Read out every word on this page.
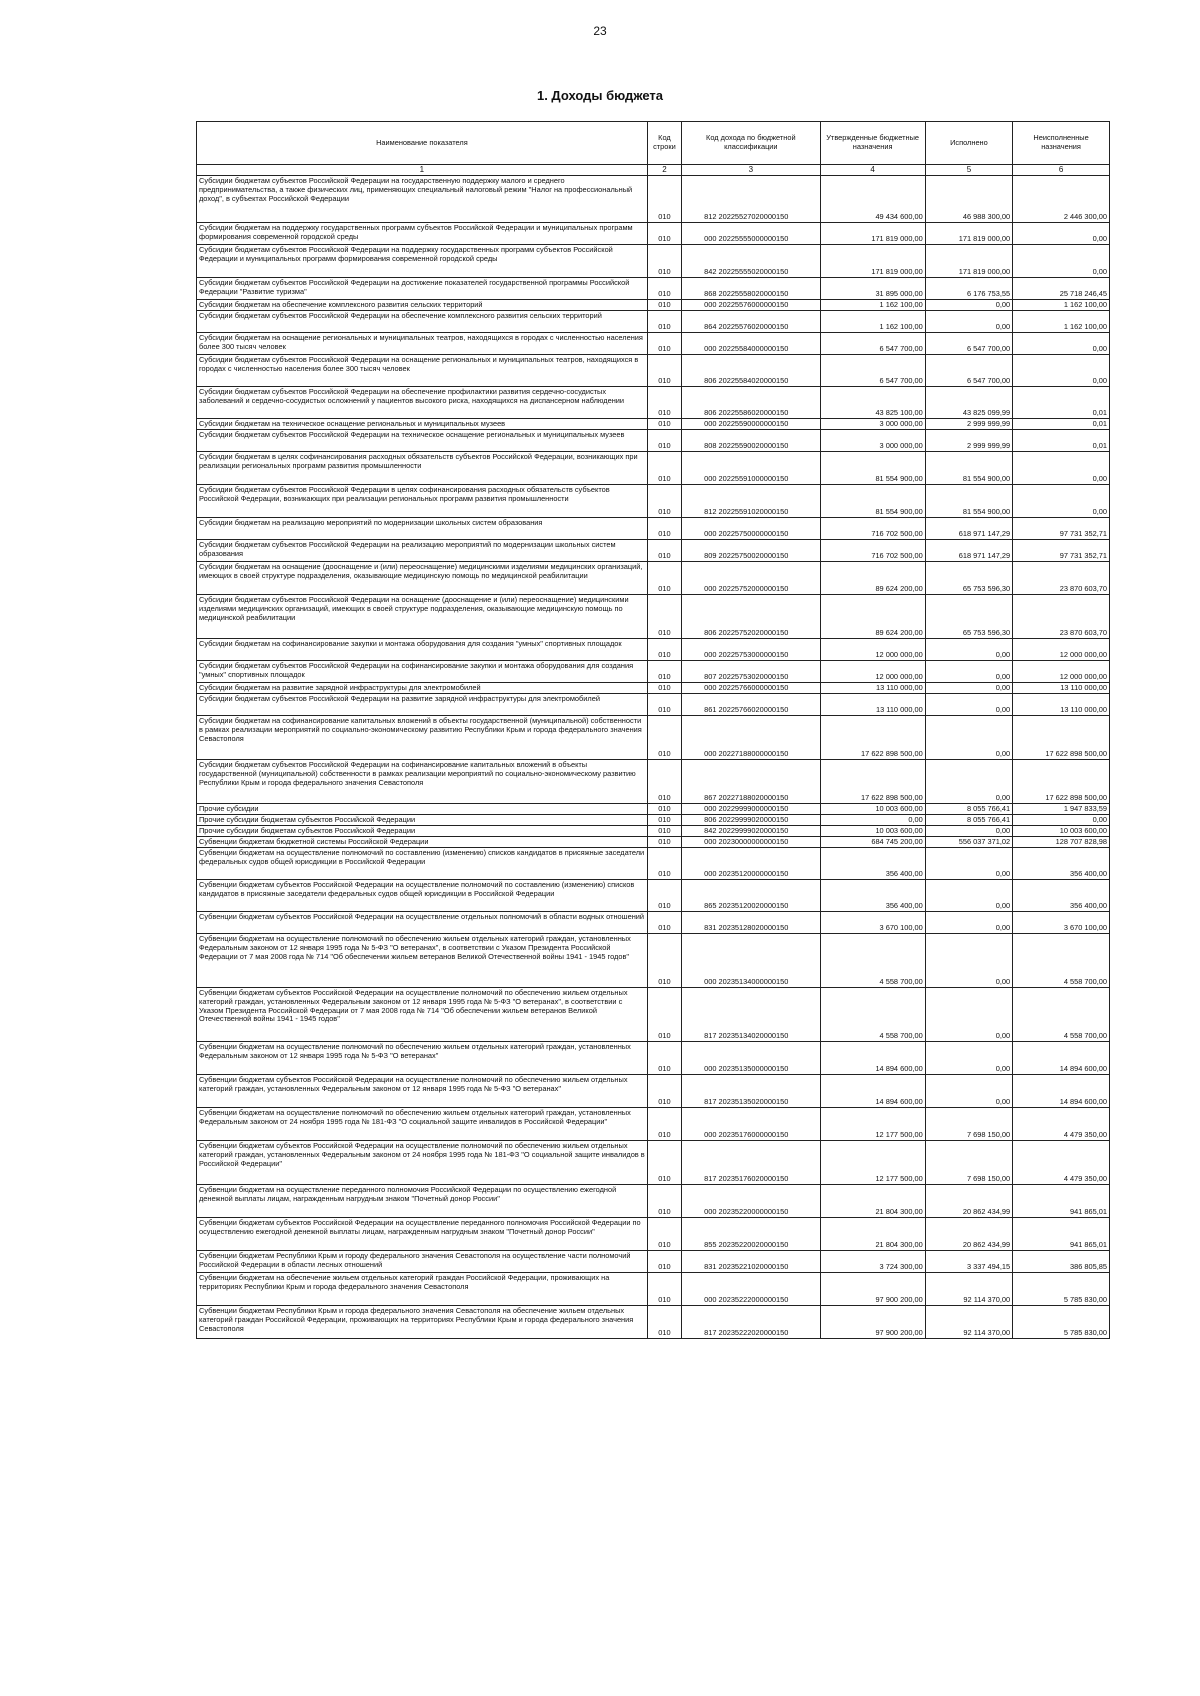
23
1. Доходы бюджета
Наименование показателя	Код строки	Код дохода по бюджетной классификации	Утвержденные бюджетные назначения	Исполнено	Неисполненные назначения
1	2	3	4	5	6
Субсидии бюджетам субъектов Российской Федерации на государственную поддержку малого и среднего предпринимательства, а также физических лиц, применяющих специальный налоговый режим "Налог на профессиональный доход", в субъектах Российской Федерации	010	812 20225527020000150	49 434 600,00	46 988 300,00	2 446 300,00
Субсидии бюджетам на поддержку государственных программ субъектов Российской Федерации и муниципальных программ формирования современной городской среды	010	000 20225555000000150	171 819 000,00	171 819 000,00	0,00
Субсидии бюджетам субъектов Российской Федерации на поддержку государственных программ субъектов Российской Федерации и муниципальных программ формирования современной городской среды	010	842 20225555020000150	171 819 000,00	171 819 000,00	0,00
Субсидии бюджетам субъектов Российской Федерации на достижение показателей государственной программы Российской Федерации "Развитие туризма"	010	868 20225558020000150	31 895 000,00	6 176 753,55	25 718 246,45
Субсидии бюджетам на обеспечение комплексного развития сельских территорий	010	000 20225576000000150	1 162 100,00	0,00	1 162 100,00
Субсидии бюджетам субъектов Российской Федерации на обеспечение комплексного развития сельских территорий	010	864 20225576020000150	1 162 100,00	0,00	1 162 100,00
Субсидии бюджетам на оснащение региональных и муниципальных театров, находящихся в городах с численностью населения более 300 тысяч человек	010	000 20225584000000150	6 547 700,00	6 547 700,00	0,00
Субсидии бюджетам субъектов Российской Федерации на оснащение региональных и муниципальных театров, находящихся в городах с численностью населения более 300 тысяч человек	010	806 20225584020000150	6 547 700,00	6 547 700,00	0,00
Субсидии бюджетам субъектов Российской Федерации на обеспечение профилактики развития сердечно-сосудистых заболеваний и сердечно-сосудистых осложнений у пациентов высокого риска, находящихся на диспансерном наблюдении	010	806 20225586020000150	43 825 100,00	43 825 099,99	0,01
Субсидии бюджетам на техническое оснащение региональных и муниципальных музеев	010	000 20225590000000150	3 000 000,00	2 999 999,99	0,01
Субсидии бюджетам субъектов Российской Федерации на техническое оснащение региональных и муниципальных музеев	010	808 20225590020000150	3 000 000,00	2 999 999,99	0,01
Субсидии бюджетам в целях софинансирования расходных обязательств субъектов Российской Федерации, возникающих при реализации региональных программ развития промышленности	010	000 20225591000000150	81 554 900,00	81 554 900,00	0,00
Субсидии бюджетам субъектов Российской Федерации в целях софинансирования расходных обязательств субъектов Российской Федерации, возникающих при реализации региональных программ развития промышленности	010	812 20225591020000150	81 554 900,00	81 554 900,00	0,00
Субсидии бюджетам на реализацию мероприятий по модернизации школьных систем образования	010	000 20225750000000150	716 702 500,00	618 971 147,29	97 731 352,71
Субсидии бюджетам субъектов Российской Федерации на реализацию мероприятий по модернизации школьных систем образования	010	809 20225750020000150	716 702 500,00	618 971 147,29	97 731 352,71
Субсидии бюджетам на оснащение (дооснащение и (или) переоснащение) медицинскими изделиями медицинских организаций, имеющих в своей структуре подразделения, оказывающие медицинскую помощь по медицинской реабилитации	010	000 20225752000000150	89 624 200,00	65 753 596,30	23 870 603,70
Субсидии бюджетам субъектов Российской Федерации на оснащение (дооснащение и (или) переоснащение) медицинскими изделиями медицинских организаций, имеющих в своей структуре подразделения, оказывающие медицинскую помощь по медицинской реабилитации	010	806 20225752020000150	89 624 200,00	65 753 596,30	23 870 603,70
Субсидии бюджетам на софинансирование закупки и монтажа оборудования для создания "умных" спортивных площадок	010	000 20225753000000150	12 000 000,00	0,00	12 000 000,00
Субсидии бюджетам субъектов Российской Федерации на софинансирование закупки и монтажа оборудования для создания "умных" спортивных площадок	010	807 20225753020000150	12 000 000,00	0,00	12 000 000,00
Субсидии бюджетам на развитие зарядной инфраструктуры для электромобилей	010	000 20225766000000150	13 110 000,00	0,00	13 110 000,00
Субсидии бюджетам субъектов Российской Федерации на развитие зарядной инфраструктуры для электромобилей	010	861 20225766020000150	13 110 000,00	0,00	13 110 000,00
Субсидии бюджетам на софинансирование капитальных вложений в объекты государственной (муниципальной) собственности в рамках реализации мероприятий по социально-экономическому развитию Республики Крым и города федерального значения Севастополя	010	000 20227188000000150	17 622 898 500,00	0,00	17 622 898 500,00
Субсидии бюджетам субъектов Российской Федерации на софинансирование капитальных вложений в объекты государственной (муниципальной) собственности в рамках реализации мероприятий по социально-экономическому развитию Республики Крым и города федерального значения Севастополя	010	867 20227188020000150	17 622 898 500,00	0,00	17 622 898 500,00
Прочие субсидии	010	000 20229999000000150	10 003 600,00	8 055 766,41	1 947 833,59
Прочие субсидии бюджетам субъектов Российской Федерации	010	806 20229999020000150	0,00	8 055 766,41	0,00
Прочие субсидии бюджетам субъектов Российской Федерации	010	842 20229999020000150	10 003 600,00	0,00	10 003 600,00
Субвенции бюджетам бюджетной системы Российской Федерации	010	000 20230000000000150	684 745 200,00	556 037 371,02	128 707 828,98
Субвенции бюджетам на осуществление полномочий по составлению (изменению) списков кандидатов в присяжные заседатели федеральных судов общей юрисдикции в Российской Федерации	010	000 20235120000000150	356 400,00	0,00	356 400,00
Субвенции бюджетам субъектов Российской Федерации на осуществление полномочий по составлению (изменению) списков кандидатов в присяжные заседатели федеральных судов общей юрисдикции в Российской Федерации	010	865 20235120020000150	356 400,00	0,00	356 400,00
Субвенции бюджетам субъектов Российской Федерации на осуществление отдельных полномочий в области водных отношений	010	831 20235128020000150	3 670 100,00	0,00	3 670 100,00
Субвенции бюджетам на осуществление полномочий по обеспечению жильем отдельных категорий граждан, установленных Федеральным законом от 12 января 1995 года № 5-ФЗ "О ветеранах", в соответствии с Указом Президента Российской Федерации от 7 мая 2008 года № 714 "Об обеспечении жильем ветеранов Великой Отечественной войны 1941 - 1945 годов"	010	000 20235134000000150	4 558 700,00	0,00	4 558 700,00
Субвенции бюджетам субъектов Российской Федерации на осуществление полномочий по обеспечению жильем отдельных категорий граждан, установленных Федеральным законом от 12 января 1995 года № 5-ФЗ "О ветеранах", в соответствии с Указом Президента Российской Федерации от 7 мая 2008 года № 714 "Об обеспечении жильем ветеранов Великой Отечественной войны 1941 - 1945 годов"	010	817 20235134020000150	4 558 700,00	0,00	4 558 700,00
Субвенции бюджетам на осуществление полномочий по обеспечению жильем отдельных категорий граждан, установленных Федеральным законом от 12 января 1995 года № 5-ФЗ "О ветеранах"	010	000 20235135000000150	14 894 600,00	0,00	14 894 600,00
Субвенции бюджетам субъектов Российской Федерации на осуществление полномочий по обеспечению жильем отдельных категорий граждан, установленных Федеральным законом от 12 января 1995 года № 5-ФЗ "О ветеранах"	010	817 20235135020000150	14 894 600,00	0,00	14 894 600,00
Субвенции бюджетам на осуществление полномочий по обеспечению жильем отдельных категорий граждан, установленных Федеральным законом от 24 ноября 1995 года № 181-ФЗ "О социальной защите инвалидов в Российской Федерации"	010	000 20235176000000150	12 177 500,00	7 698 150,00	4 479 350,00
Субвенции бюджетам субъектов Российской Федерации на осуществление полномочий по обеспечению жильем отдельных категорий граждан, установленных Федеральным законом от 24 ноября 1995 года № 181-ФЗ "О социальной защите инвалидов в Российской Федерации"	010	817 20235176020000150	12 177 500,00	7 698 150,00	4 479 350,00
Субвенции бюджетам на осуществление переданного полномочия Российской Федерации по осуществлению ежегодной денежной выплаты лицам, награжденным нагрудным знаком "Почетный донор России"	010	000 20235220000000150	21 804 300,00	20 862 434,99	941 865,01
Субвенции бюджетам субъектов Российской Федерации на осуществление переданного полномочия Российской Федерации по осуществлению ежегодной денежной выплаты лицам, награжденным нагрудным знаком "Почетный донор России"	010	855 20235220020000150	21 804 300,00	20 862 434,99	941 865,01
Субвенции бюджетам Республики Крым и городу федерального значения Севастополя на осуществление части полномочий Российской Федерации в области лесных отношений	010	831 20235221020000150	3 724 300,00	3 337 494,15	386 805,85
Субвенции бюджетам на обеспечение жильем отдельных категорий граждан Российской Федерации, проживающих на территориях Республики Крым и города федерального значения Севастополя	010	000 20235222000000150	97 900 200,00	92 114 370,00	5 785 830,00
Субвенции бюджетам Республики Крым и города федерального значения Севастополя на обеспечение жильем отдельных категорий граждан Российской Федерации, проживающих на территориях Республики Крым и города федерального значения Севастополя	010	817 20235222020000150	97 900 200,00	92 114 370,00	5 785 830,00
